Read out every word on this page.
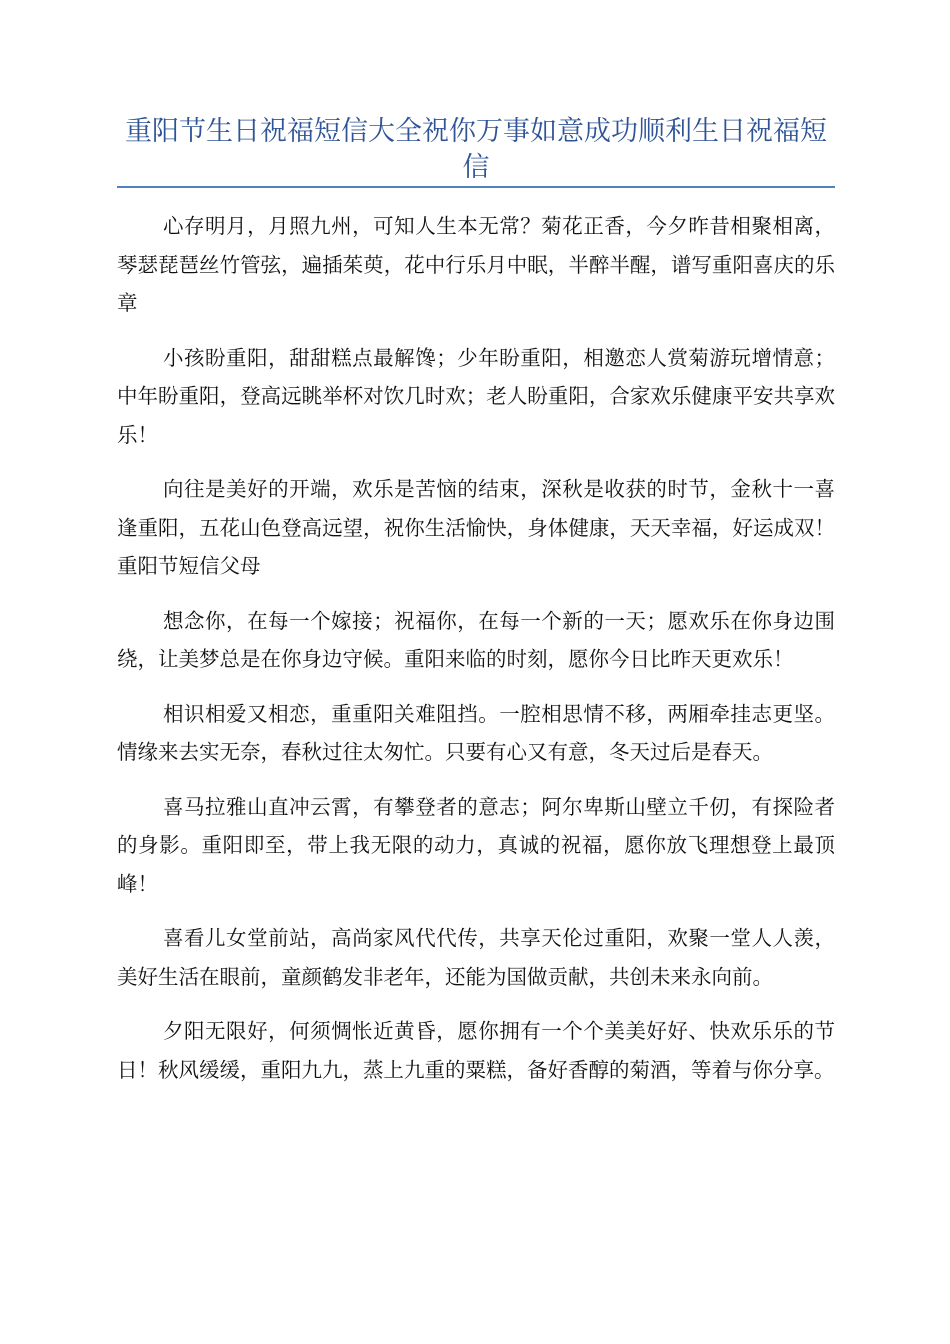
重阳节生日祝福短信大全祝你万事如意成功顺利生日祝福短信

心存明月，月照九州，可知人生本无常？菊花正香，今夕昨昔相聚相离，琴瑟琵琶丝竹管弦，遍插茱萸，花中行乐月中眠，半醉半醒，谱写重阳喜庆的乐章

小孩盼重阳，甜甜糕点最解馋；少年盼重阳，相邀恋人赏菊游玩增情意；中年盼重阳，登高远眺举杯对饮几时欢；老人盼重阳，合家欢乐健康平安共享欢乐！

向往是美好的开端，欢乐是苦恼的结束，深秋是收获的时节，金秋十一喜逢重阳，五花山色登高远望，祝你生活愉快，身体健康，天天幸福，好运成双！重阳节短信父母

想念你，在每一个嫁接；祝福你，在每一个新的一天；愿欢乐在你身边围绕，让美梦总是在你身边守候。重阳来临的时刻，愿你今日比昨天更欢乐！

相识相爱又相恋，重重阳关难阻挡。一腔相思情不移，两厢牵挂志更坚。情缘来去实无奈，春秋过往太匆忙。只要有心又有意，冬天过后是春天。

喜马拉雅山直冲云霄，有攀登者的意志；阿尔卑斯山壁立千仞，有探险者的身影。重阳即至，带上我无限的动力，真诚的祝福，愿你放飞理想登上最顶峰！

喜看儿女堂前站，高尚家风代代传，共享天伦过重阳，欢聚一堂人人羡，美好生活在眼前，童颜鹤发非老年，还能为国做贡献，共创未来永向前。

夕阳无限好，何须惆怅近黄昏，愿你拥有一个个美美好好、快欢乐乐的节日！秋风缓缓，重阳九九，蒸上九重的粟糕，备好香醇的菊酒，等着与你分享。
